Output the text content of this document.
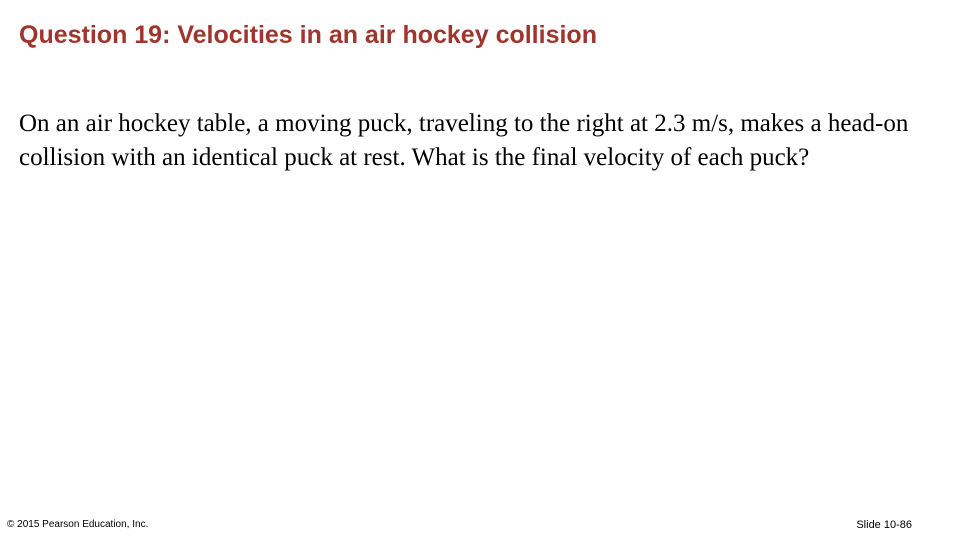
Question 19: Velocities in an air hockey collision

On an air hockey table, a moving puck, traveling to the right at 2.3 m/s, makes a head-on collision with an identical puck at rest. What is the final velocity of each puck?

© 2015 Pearson Education, Inc.	Slide 10-86
